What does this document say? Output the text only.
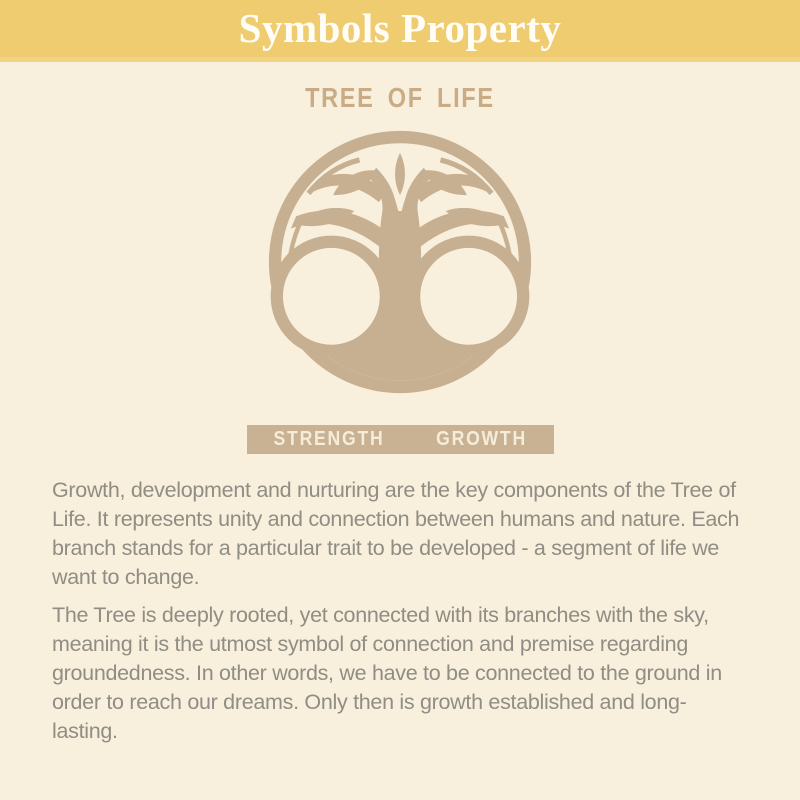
Symbols Property
TREE OF LIFE
STRENGTH	GROWTH

Growth, development and nurturing are the key components of the Tree of Life. It represents unity and connection between humans and nature. Each branch stands for a particular trait to be developed - a segment of life we want to change.

The Tree is deeply rooted, yet connected with its branches with the sky, meaning it is the utmost symbol of connection and premise regarding groundedness. In other words, we have to be connected to the ground in order to reach our dreams. Only then is growth established and long-lasting.
